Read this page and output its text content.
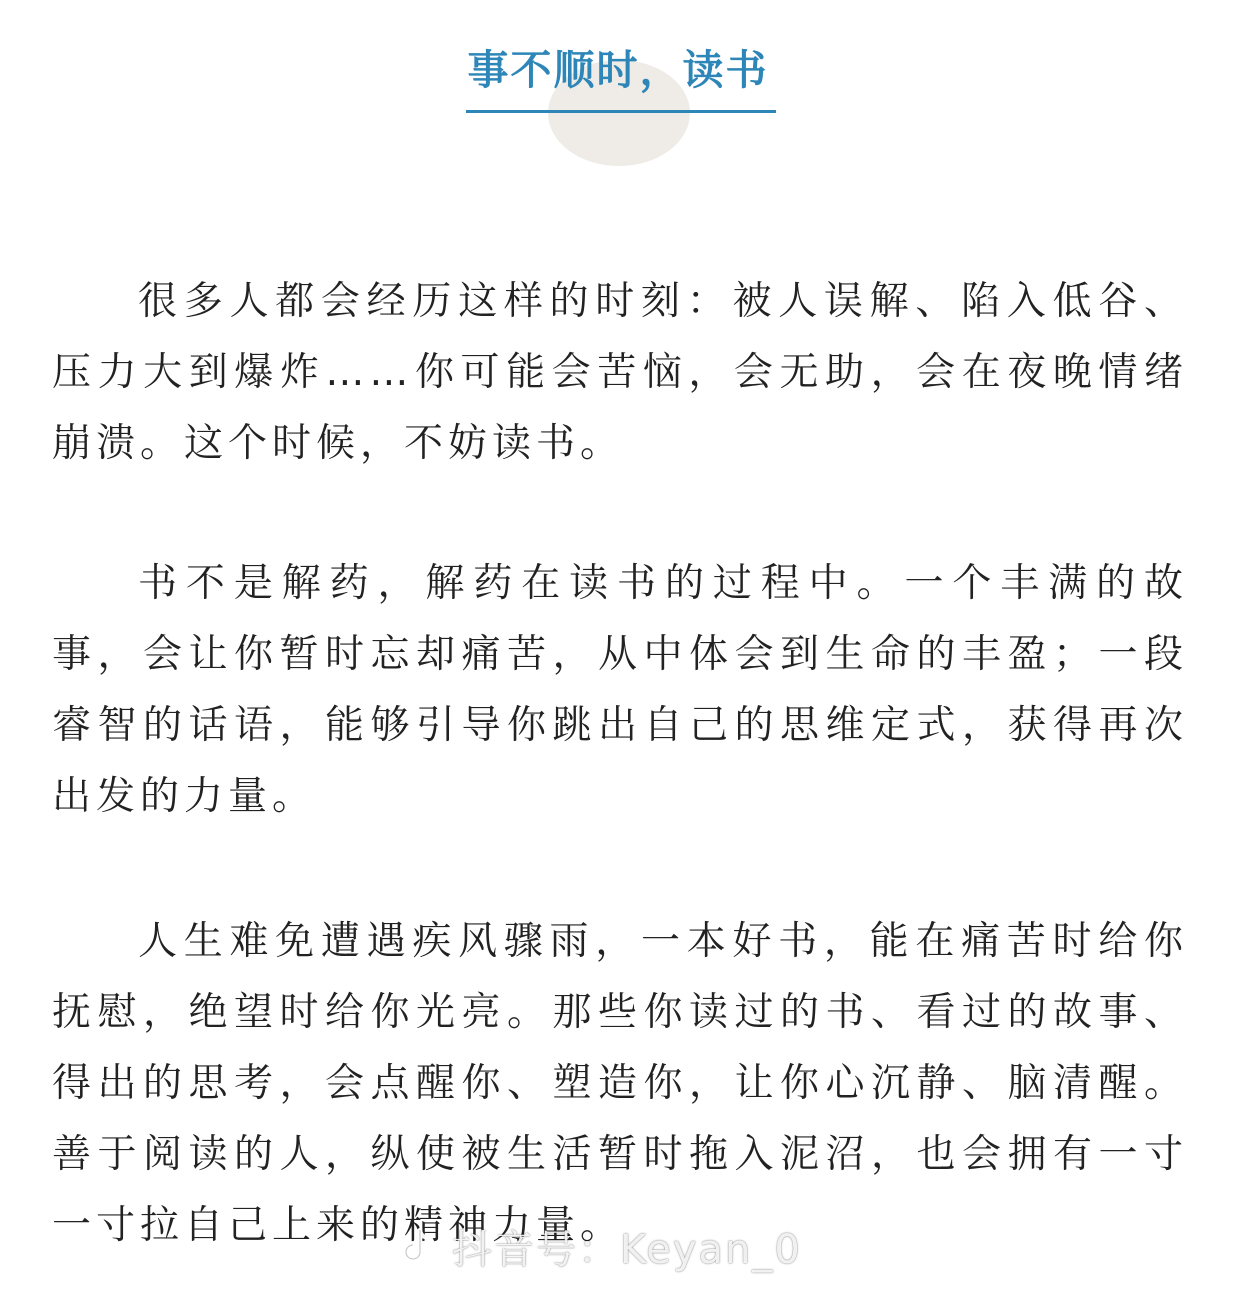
事不顺时，读书

很多人都会经历这样的时刻：被人误解、陷入低谷、压力大到爆炸……你可能会苦恼，会无助，会在夜晚情绪崩溃。这个时候，不妨读书。

书不是解药，解药在读书的过程中。一个丰满的故事，会让你暂时忘却痛苦，从中体会到生命的丰盈；一段睿智的话语，能够引导你跳出自己的思维定式，获得再次出发的力量。

人生难免遭遇疾风骤雨，一本好书，能在痛苦时给你抚慰，绝望时给你光亮。那些你读过的书、看过的故事、得出的思考，会点醒你、塑造你，让你心沉静、脑清醒。善于阅读的人，纵使被生活暂时拖入泥沼，也会拥有一寸一寸拉自己上来的精神力量。

抖音号：Keyan_0
